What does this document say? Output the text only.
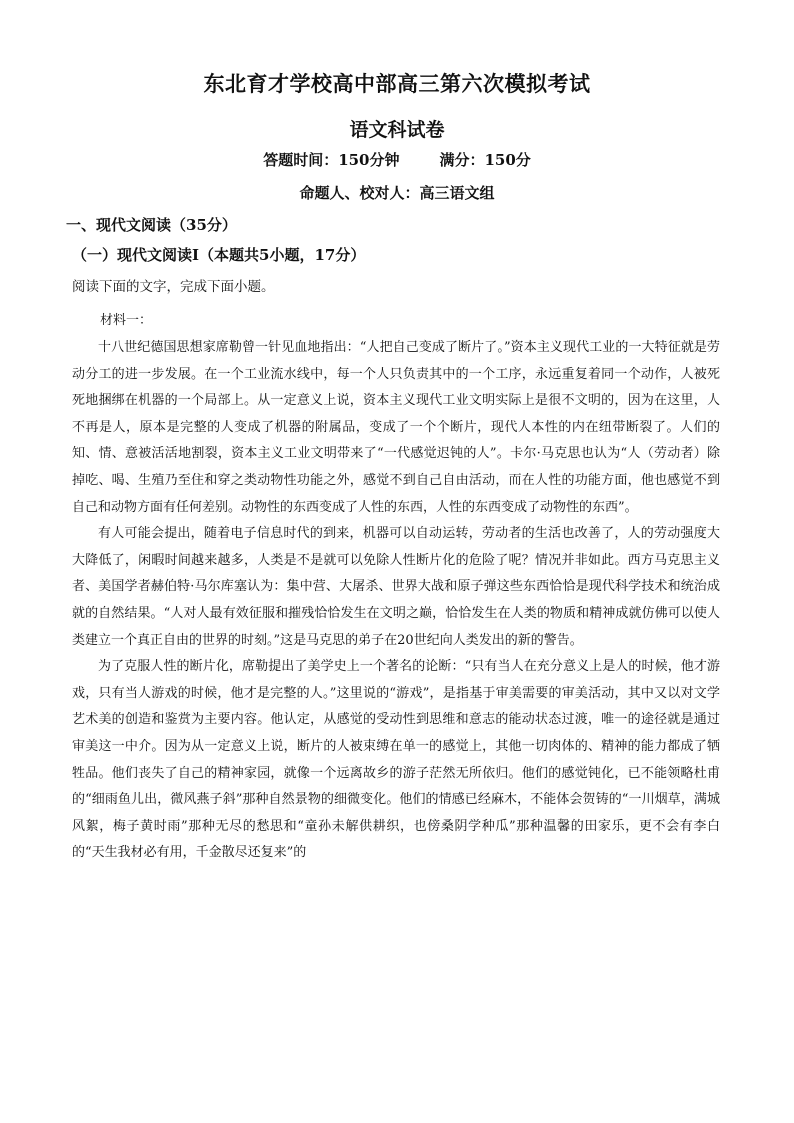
东北育才学校高中部高三第六次模拟考试
语文科试卷
答题时间：150分钟	满分：150分
命题人、校对人：高三语文组
一、现代文阅读（35分）
（一）现代文阅读Ⅰ（本题共5小题，17分）
阅读下面的文字，完成下面小题。
材料一：

十八世纪德国思想家席勒曾一针见血地指出：“人把自己变成了断片了。”资本主义现代工业的一大特征就是劳动分工的进一步发展。在一个工业流水线中，每一个人只负责其中的一个工序，永远重复着同一个动作，人被死死地捆绑在机器的一个局部上。从一定意义上说，资本主义现代工业文明实际上是很不文明的，因为在这里，人不再是人，原本是完整的人变成了机器的附属品，变成了一个个断片，现代人本性的内在纽带断裂了。人们的知、情、意被活活地割裂，资本主义工业文明带来了“一代感觉迟钝的人”。卡尔·马克思也认为“人（劳动者）除掉吃、喝、生殖乃至住和穿之类动物性功能之外，感觉不到自己自由活动，而在人性的功能方面，他也感觉不到自己和动物方面有任何差别。动物性的东西变成了人性的东西，人性的东西变成了动物性的东西”。

有人可能会提出，随着电子信息时代的到来，机器可以自动运转，劳动者的生活也改善了，人的劳动强度大大降低了，闲暇时间越来越多，人类是不是就可以免除人性断片化的危险了呢？情况并非如此。西方马克思主义者、美国学者赫伯特·马尔库塞认为：集中营、大屠杀、世界大战和原子弹这些东西恰恰是现代科学技术和统治成就的自然结果。“人对人最有效征服和摧残恰恰发生在文明之巅，恰恰发生在人类的物质和精神成就仿佛可以使人类建立一个真正自由的世界的时刻。”这是马克思的弟子在20世纪向人类发出的新的警告。

为了克服人性的断片化，席勒提出了美学史上一个著名的论断：“只有当人在充分意义上是人的时候，他才游戏，只有当人游戏的时候，他才是完整的人。”这里说的“游戏”，是指基于审美需要的审美活动，其中又以对文学艺术美的创造和鉴赏为主要内容。他认定，从感觉的受动性到思维和意志的能动状态过渡，唯一的途径就是通过审美这一中介。因为从一定意义上说，断片的人被束缚在单一的感觉上，其他一切肉体的、精神的能力都成了牺牲品。他们丧失了自己的精神家园，就像一个远离故乡的游子茫然无所依归。他们的感觉钝化，已不能领略杜甫的“细雨鱼儿出，微风燕子斜”那种自然景物的细微变化。他们的情感已经麻木，不能体会贺铸的“一川烟草，满城风絮，梅子黄时雨”那种无尽的愁思和“童孙未解供耕织，也傍桑阴学种瓜”那种温馨的田家乐，更不会有李白的“天生我材必有用，千金散尽还复来”的
